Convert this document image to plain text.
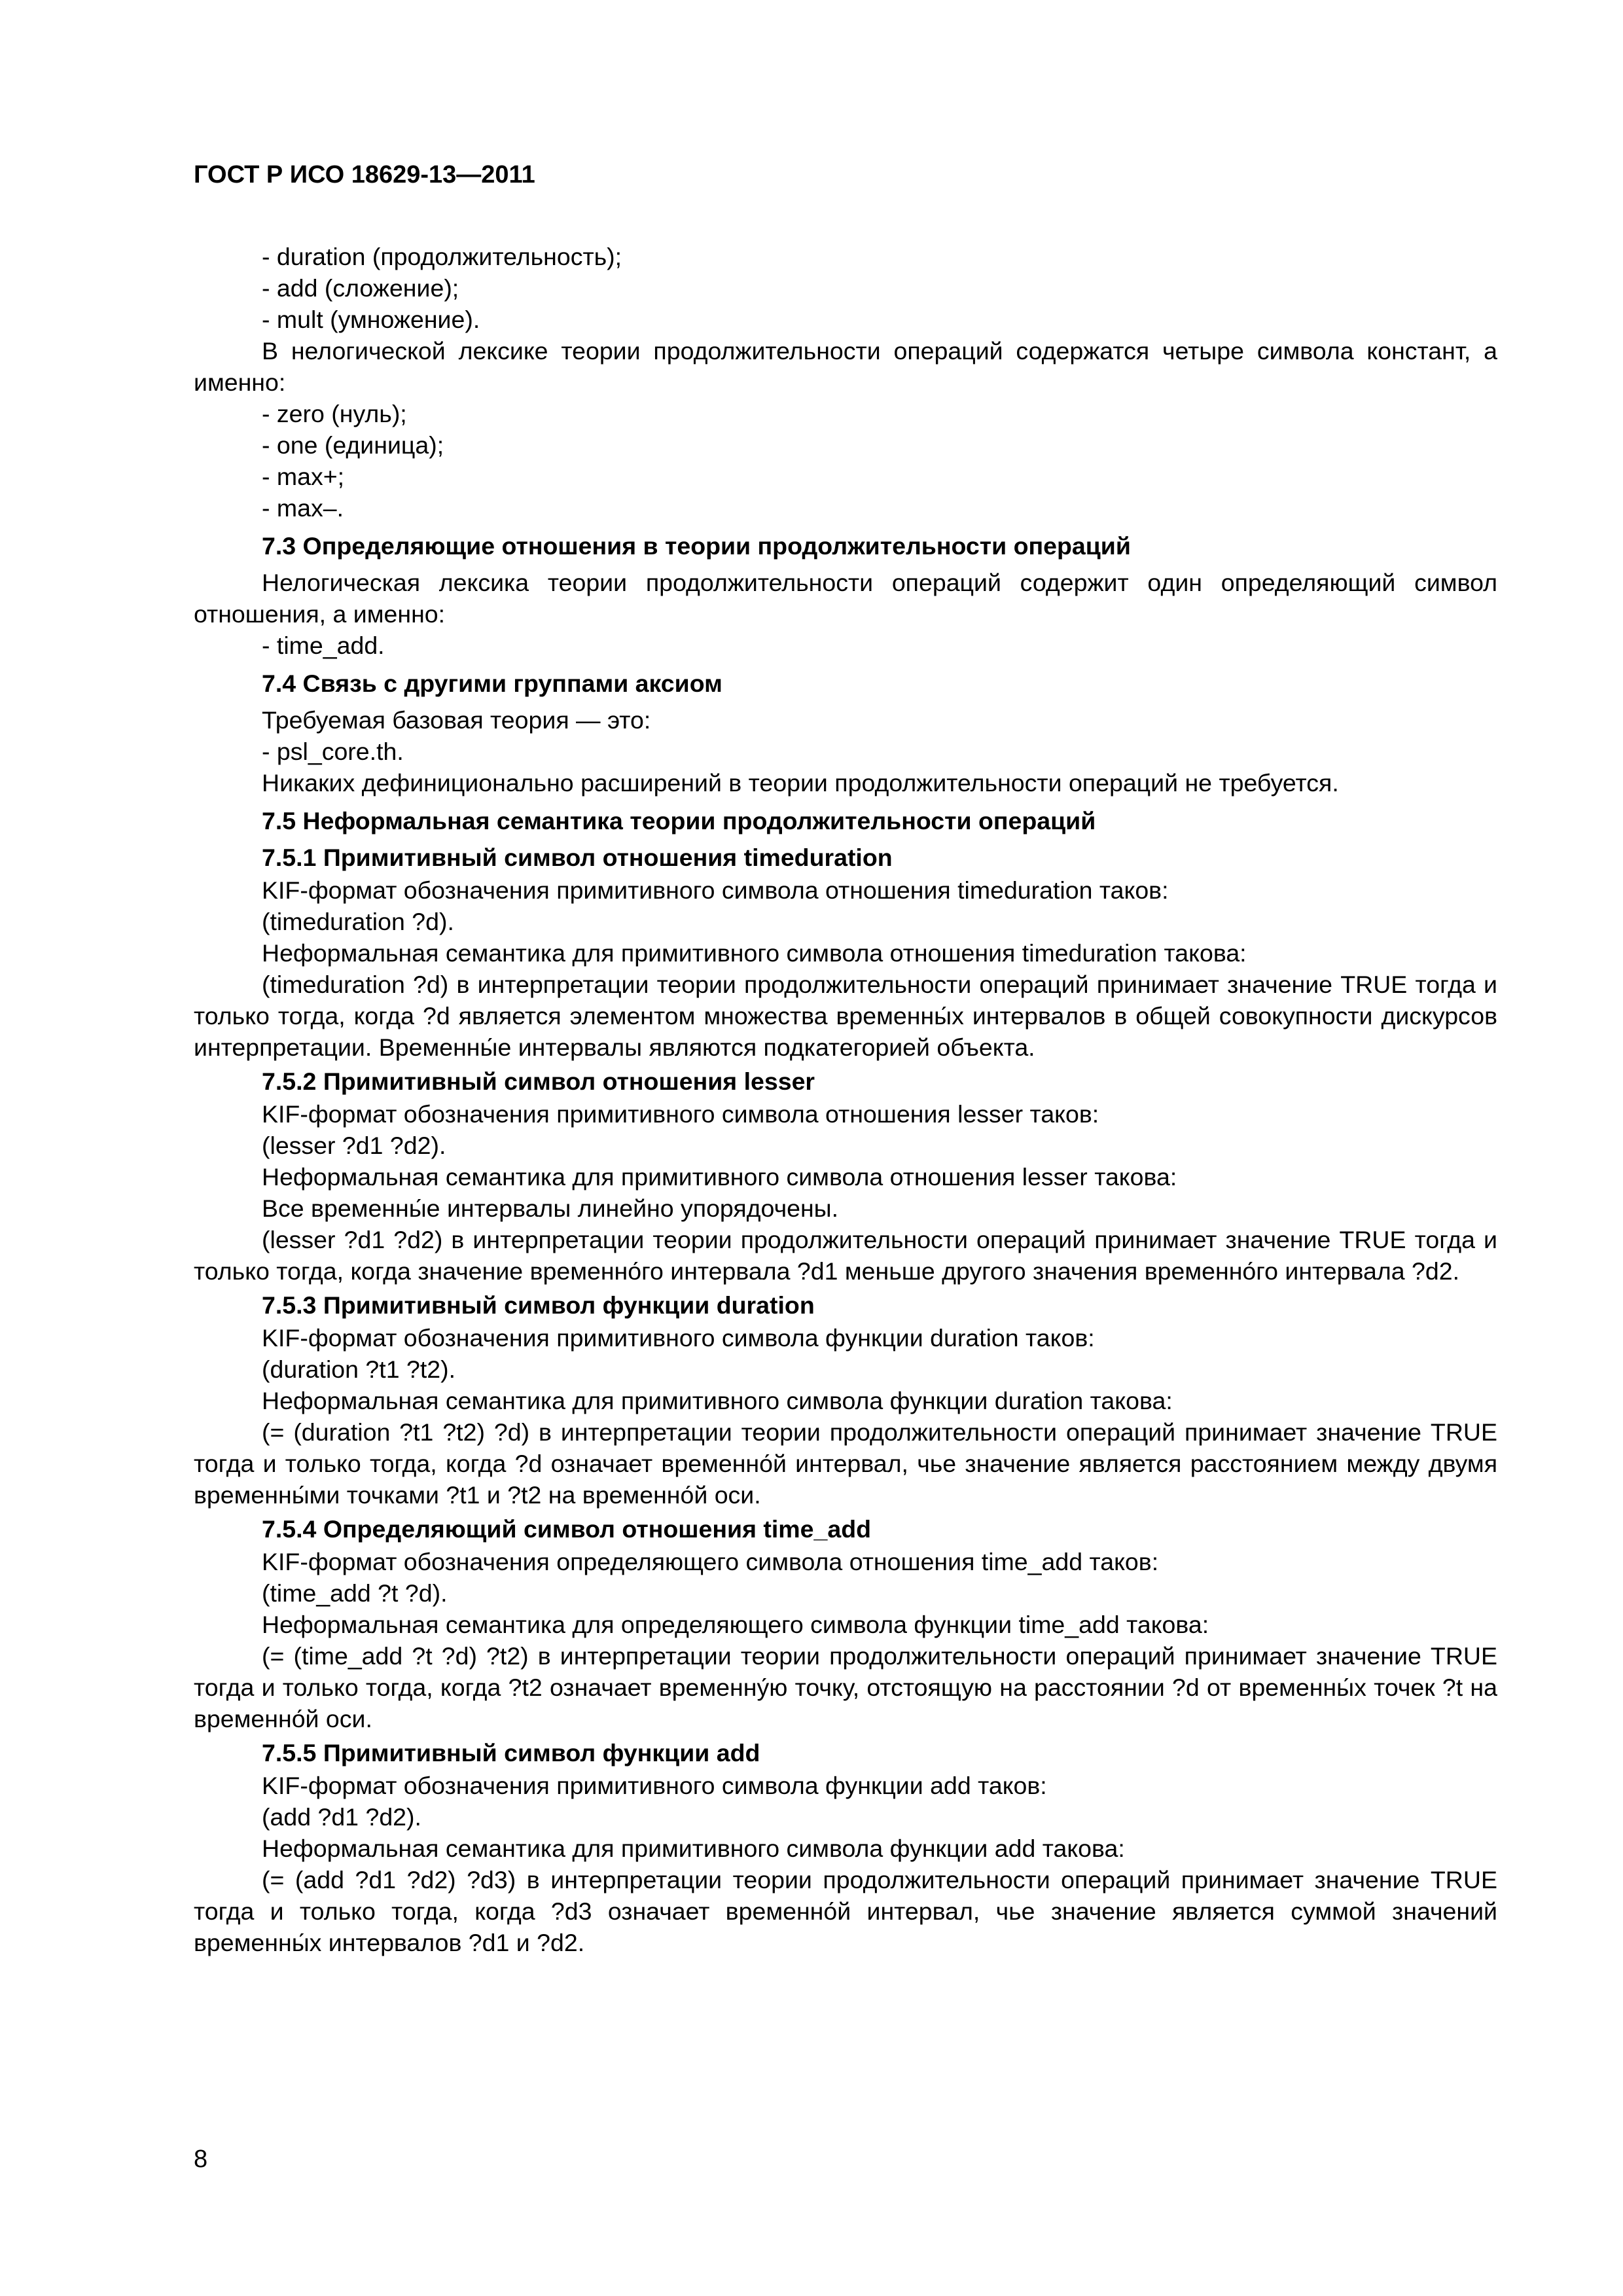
ГОСТ Р ИСО 18629-13—2011

- duration (продолжительность);

- add (сложение);

- mult (умножение).

В нелогической лексике теории продолжительности операций содержатся четыре символа констант, а именно:

- zero (нуль);

- one (единица);

- max+;

- max–.

7.3 Определяющие отношения в теории продолжительности операций

Нелогическая лексика теории продолжительности операций содержит один определяющий символ отношения, а именно:

- time_add.

7.4 Связь с другими группами аксиом

Требуемая базовая теория — это:

- psl_core.th.

Никаких дефиниционально расширений в теории продолжительности операций не требуется.

7.5 Неформальная семантика теории продолжительности операций

7.5.1 Примитивный символ отношения timeduration

KIF-формат обозначения примитивного символа отношения timeduration таков:

(timeduration ?d).

Неформальная семантика для примитивного символа отношения timeduration такова:

(timeduration ?d) в интерпретации теории продолжительности операций принимает значение TRUE тогда и только тогда, когда ?d является элементом множества временны́х интервалов в общей совокупности дискурсов интерпретации. Временны́е интервалы являются подкатегорией объекта.

7.5.2 Примитивный символ отношения lesser

KIF-формат обозначения примитивного символа отношения lesser таков:

(lesser ?d1 ?d2).

Неформальная семантика для примитивного символа отношения lesser такова:

Все временны́е интервалы линейно упорядочены.

(lesser ?d1 ?d2) в интерпретации теории продолжительности операций принимает значение TRUE тогда и только тогда, когда значение временно́го интервала ?d1 меньше другого значения временно́го интервала ?d2.

7.5.3 Примитивный символ функции duration

KIF-формат обозначения примитивного символа функции duration таков:

(duration ?t1 ?t2).

Неформальная семантика для примитивного символа функции duration такова:

(= (duration ?t1 ?t2) ?d) в интерпретации теории продолжительности операций принимает значение TRUE тогда и только тогда, когда ?d означает временно́й интервал, чье значение является расстоянием между двумя временны́ми точками ?t1 и ?t2 на временно́й оси.

7.5.4 Определяющий символ отношения time_add

KIF-формат обозначения определяющего символа отношения time_add таков:

(time_add ?t ?d).

Неформальная семантика для определяющего символа функции time_add такова:

(= (time_add ?t ?d) ?t2) в интерпретации теории продолжительности операций принимает значение TRUE тогда и только тогда, когда ?t2 означает временну́ю точку, отстоящую на расстоянии ?d от временны́х точек ?t на временно́й оси.

7.5.5 Примитивный символ функции add

KIF-формат обозначения примитивного символа функции add таков:

(add ?d1 ?d2).

Неформальная семантика для примитивного символа функции add такова:

(= (add ?d1 ?d2) ?d3) в интерпретации теории продолжительности операций принимает значение TRUE тогда и только тогда, когда ?d3 означает временно́й интервал, чье значение является суммой значений временны́х интервалов ?d1 и ?d2.

8
